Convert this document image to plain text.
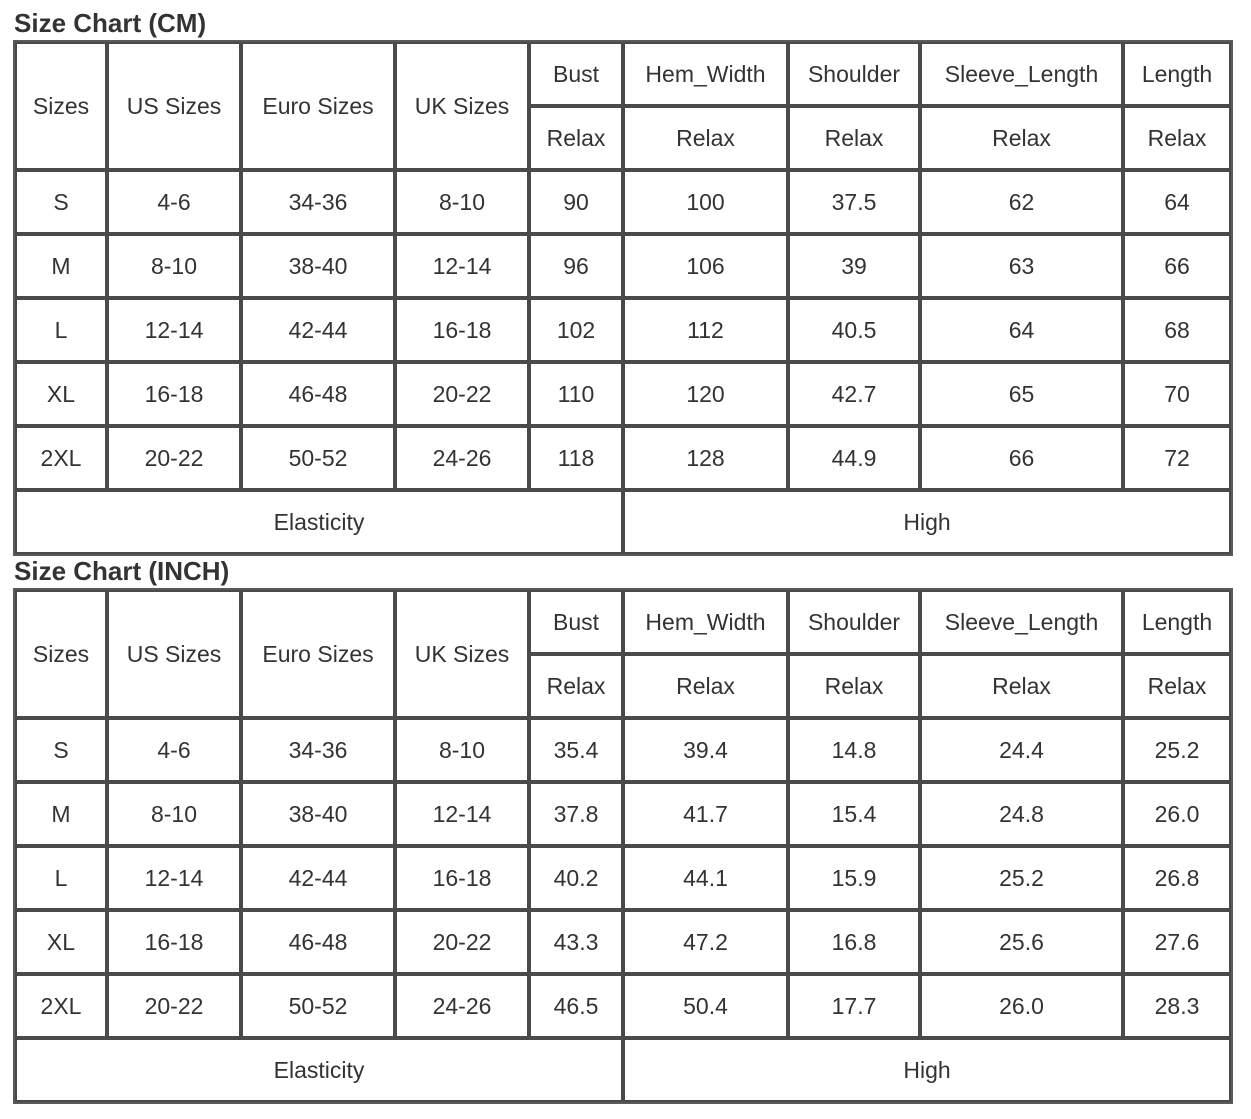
Size Chart (CM)
Sizes	US Sizes	Euro Sizes	UK Sizes	Bust	Hem_Width	Shoulder	Sleeve_Length	Length
				Relax	Relax	Relax	Relax	Relax
S	4-6	34-36	8-10	90	100	37.5	62	64
M	8-10	38-40	12-14	96	106	39	63	66
L	12-14	42-44	16-18	102	112	40.5	64	68
XL	16-18	46-48	20-22	110	120	42.7	65	70
2XL	20-22	50-52	24-26	118	128	44.9	66	72
Elasticity					High			
Size Chart (INCH)
Sizes	US Sizes	Euro Sizes	UK Sizes	Bust	Hem_Width	Shoulder	Sleeve_Length	Length
				Relax	Relax	Relax	Relax	Relax
S	4-6	34-36	8-10	35.4	39.4	14.8	24.4	25.2
M	8-10	38-40	12-14	37.8	41.7	15.4	24.8	26.0
L	12-14	42-44	16-18	40.2	44.1	15.9	25.2	26.8
XL	16-18	46-48	20-22	43.3	47.2	16.8	25.6	27.6
2XL	20-22	50-52	24-26	46.5	50.4	17.7	26.0	28.3
Elasticity					High			
